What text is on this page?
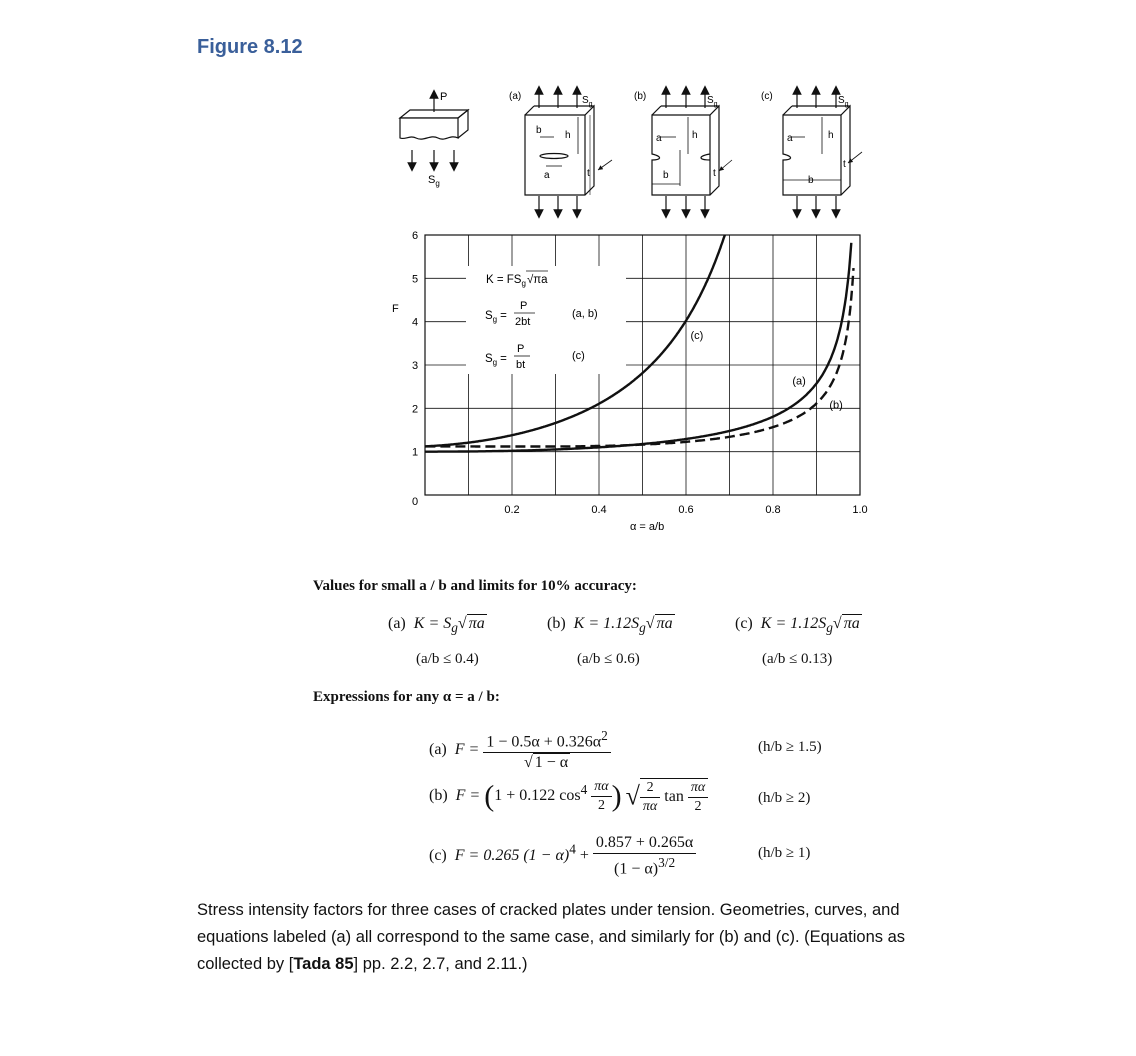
Figure 8.12
P
$S_g$
(a)	$S_g$
b h
a	t
(b)	$S_g$
a	h
b	t
(c)	$S_g$
a	h
b
t
0.2	0.4	0.6	0.8	1.0
0
1
2
3
4
5
6
$K = FS_g√\pi a$
$S_g$ =
P
2bt
(a, b)
$S_g$ =
P
bt
(c)
(a)
(b)
(c)
F
α = a/b
Values for small a / b and limits for 10% accuracy:
(a) $K = S_g√$ πa	(b) $K = 1.12S_g√$ πa	(c) $K = 1.12S_g√$ πa
(a/b ≤ 0.4)	(a/b ≤ 0.6)	(a/b ≤ 0.13)
Expressions for any α = a / b:
(a) $F = \frac{1 - 0.5\alpha + 0.326\alpha^2}{√ 1 - \alpha}$	(h/b ≥ 1.5)
(b) F = (1 + 0.122 $\cos^4 \frac{\pi\alpha}{2}$ ) √ $\frac{2}{\pi\alpha}$ $\tan \frac{\pi\alpha}{2}$	(h/b ≥ 2)
(c) F = 0.265 $(1 - \alpha)^4 + \frac{0.857 + 0.265\alpha}{(1 - \alpha)^{3/2}}$	(h/b ≥ 1)
Stress intensity factors for three cases of cracked plates under tension. Geometries, curves, and equations labeled (a) all correspond to the same case, and similarly for (b) and (c). (Equations as collected by [Tada 85] pp. 2.2, 2.7, and 2.11.)
